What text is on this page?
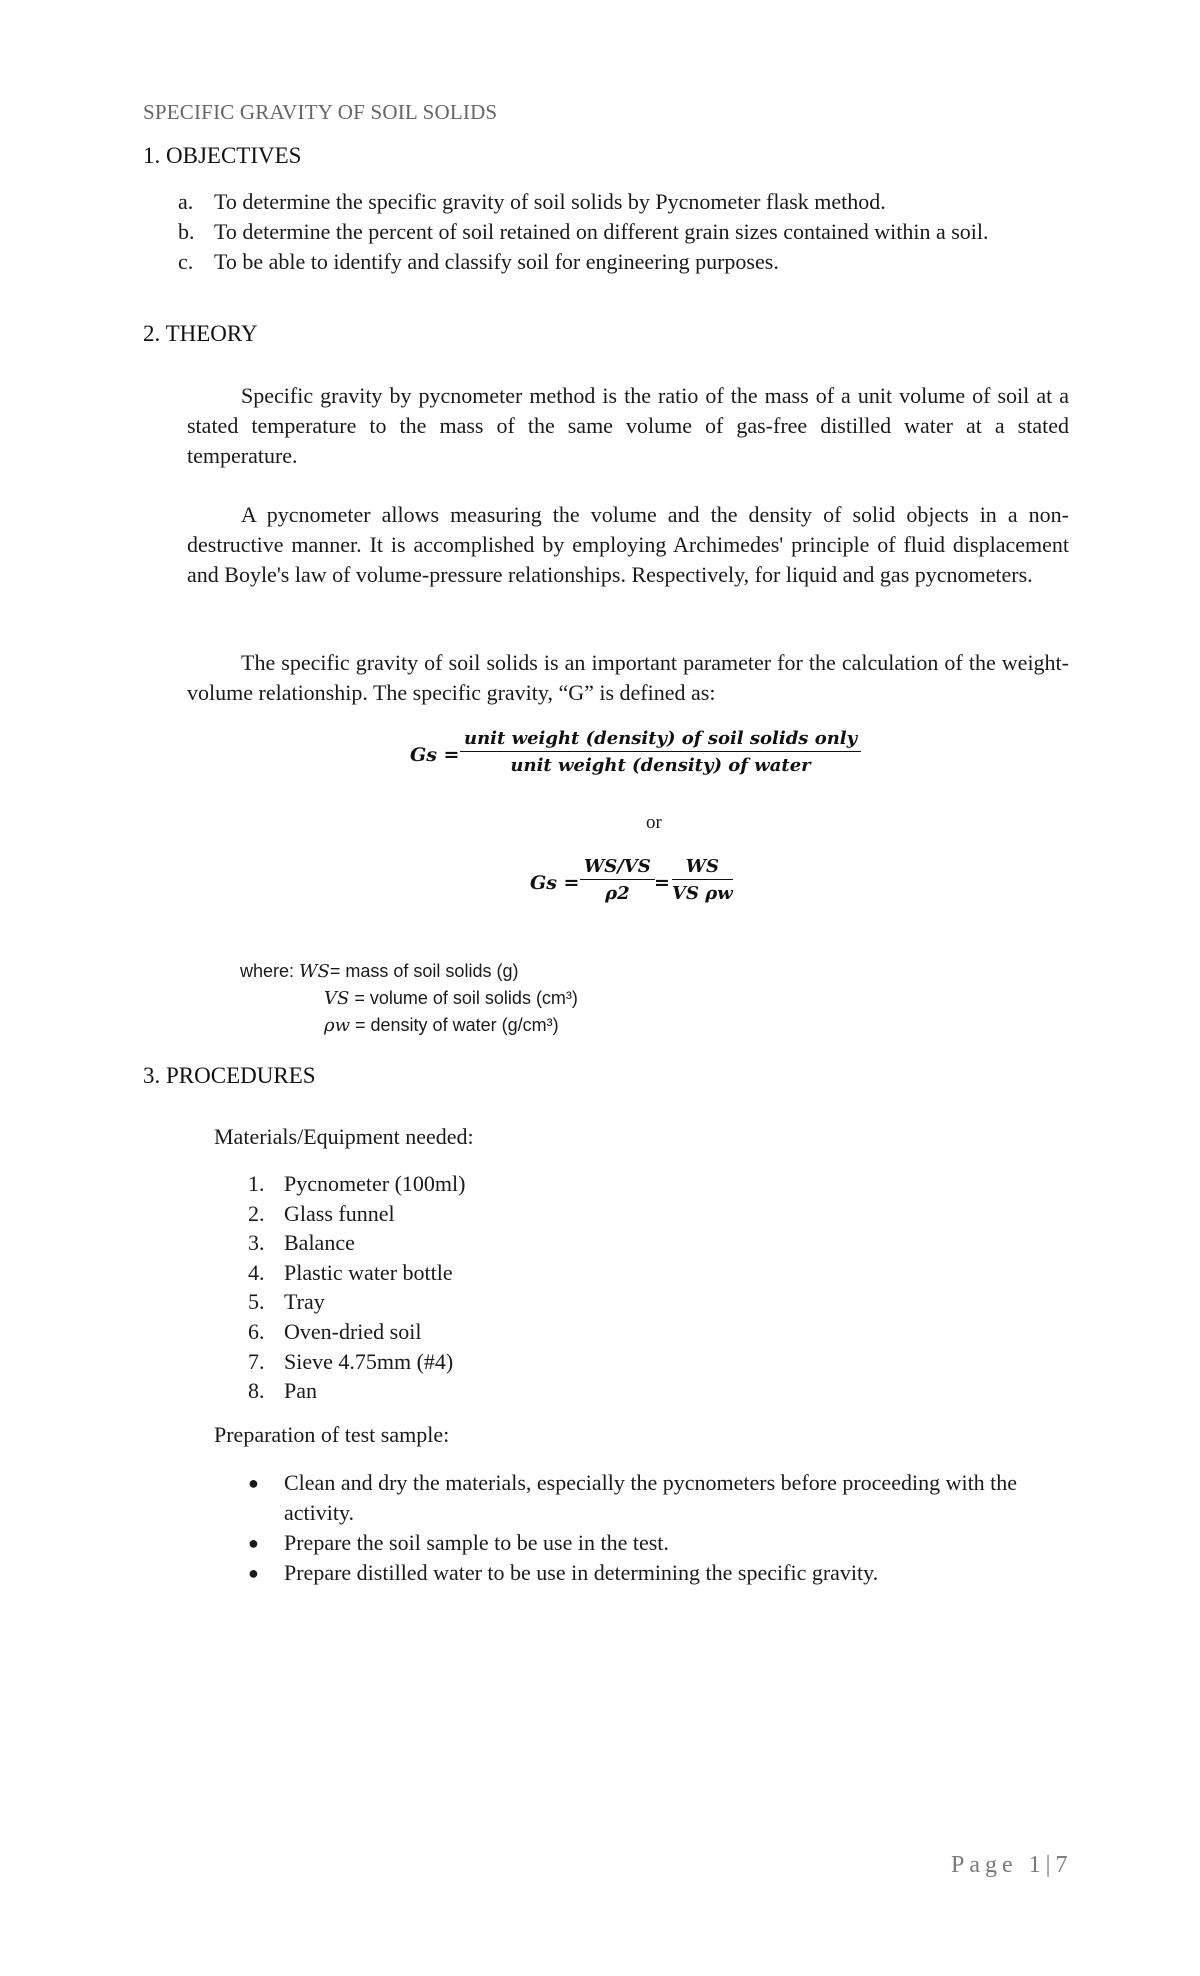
SPECIFIC GRAVITY OF SOIL SOLIDS
1. OBJECTIVES
a. To determine the specific gravity of soil solids by Pycnometer flask method.
b. To determine the percent of soil retained on different grain sizes contained within a soil.
c. To be able to identify and classify soil for engineering purposes.
2. THEORY

Specific gravity by pycnometer method is the ratio of the mass of a unit volume of soil at a stated temperature to the mass of the same volume of gas-free distilled water at a stated temperature.

A pycnometer allows measuring the volume and the density of solid objects in a non-destructive manner. It is accomplished by employing Archimedes' principle of fluid displacement and Boyle's law of volume-pressure relationships. Respectively, for liquid and gas pycnometers.

The specific gravity of soil solids is an important parameter for the calculation of the weight-volume relationship. The specific gravity, “G” is defined as:

Gs =
unit weight (density) of soil solids only
unit weight (density) of water
or
Gs =
WS/VS
ρ2	=
WS
VS ρw
where: WS= mass of soil solids (g)
VS = volume of soil solids (cm³)
ρw = density of water (g/cm³)
3. PROCEDURES
Materials/Equipment needed:
1. Pycnometer (100ml)
2. Glass funnel
3. Balance
4. Plastic water bottle
5. Tray
6. Oven-dried soil
7. Sieve 4.75mm (#4)
8. Pan
Preparation of test sample:
●	Clean and dry the materials, especially the pycnometers before proceeding with the activity.
●	Prepare the soil sample to be use in the test.
●	Prepare distilled water to be use in determining the specific gravity.
Page 1|7
